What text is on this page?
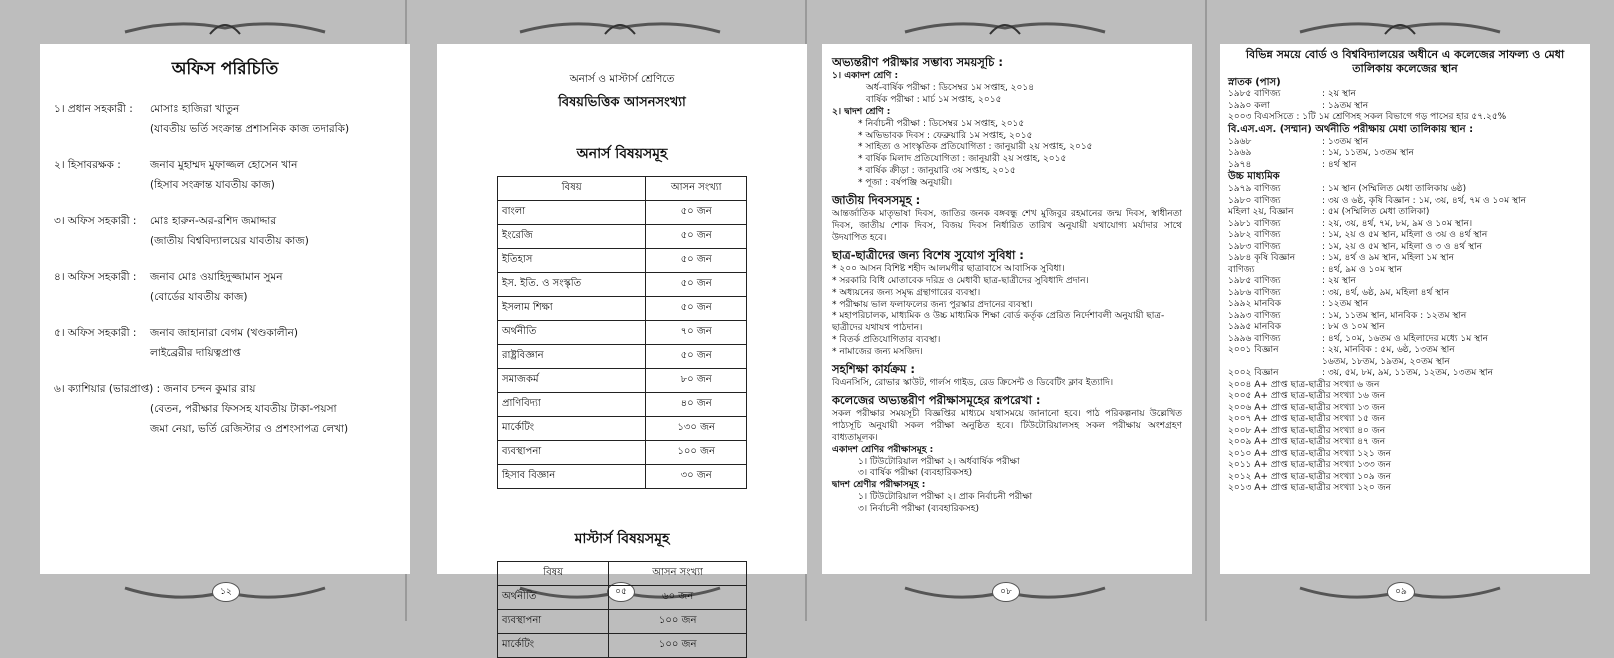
১২	০৫	০৮	০৯
অফিস পরিচিতি
১। প্রধান সহকারী :	মোসাঃ হাজিরা খাতুন
(যাবতীয় ভর্তি সংক্রান্ত প্রশাসনিক কাজ তদারকি)
২। হিসাবরক্ষক :	জনাব মুহাম্মদ মুফাজ্জল হোসেন খান
(হিসাব সংক্রান্ত যাবতীয় কাজ)
৩। অফিস সহকারী :	মোঃ হারুন-অর-রশিদ জমাদ্দার
(জাতীয় বিশ্ববিদ্যালয়ের যাবতীয় কাজ)
৪। অফিস সহকারী :	জনাব মোঃ ওয়াহিদুজ্জামান সুমন
(বোর্ডের যাবতীয় কাজ)
৫। অফিস সহকারী :	জনাব জাহানারা বেগম (খণ্ডকালীন)
লাইব্রেরীর দায়িত্বপ্রাপ্ত
৬। ক্যাশিয়ার (ভারপ্রাপ্ত) : জনাব চন্দন কুমার রায়
(বেতন, পরীক্ষার ফিসসহ যাবতীয় টাকা-পয়সা
জমা নেয়া, ভর্তি রেজিস্টার ও প্রশংসাপত্র লেখা)
অনার্স ও মাস্টার্স শ্রেণিতে
বিষয়ভিত্তিক আসনসংখ্যা
অনার্স বিষয়সমূহ
বিষয়	আসন সংখ্যা
বাংলা	৫০ জন
ইংরেজি	৫০ জন
ইতিহাস	৫০ জন
ইস. ইতি. ও সংস্কৃতি	৫০ জন
ইসলাম শিক্ষা	৫০ জন
অর্থনীতি	৭০ জন
রাষ্ট্রবিজ্ঞান	৫০ জন
সমাজকর্ম	৮০ জন
প্রাণিবিদ্যা	৪০ জন
মার্কেটিং	১৩০ জন
ব্যবস্থাপনা	১০০ জন
হিসাব বিজ্ঞান	৩০ জন
মাস্টার্স বিষয়সমূহ
বিষয়	আসন সংখ্যা
অর্থনীতি	৬০ জন
ব্যবস্থাপনা	১০০ জন
মার্কেটিং	১০০ জন
অভ্যন্তরীণ পরীক্ষার সম্ভাব্য সময়সূচি :
১। একাদশ শ্রেণি :
অর্ধ-বার্ষিক পরীক্ষা : ডিসেম্বর ১ম সপ্তাহ, ২০১৪
বার্ষিক পরীক্ষা : মার্চ ১ম সপ্তাহ, ২০১৫
২। দ্বাদশ শ্রেণি :
* নির্বাচনী পরীক্ষা : ডিসেম্বর ১ম সপ্তাহ, ২০১৫
* অভিভাবক দিবস : ফেব্রুয়ারি ১ম সপ্তাহ, ২০১৫
* সাহিত্য ও সাংস্কৃতিক প্রতিযোগিতা : জানুয়ারী ২য় সপ্তাহ, ২০১৫
* বার্ষিক মিলাদ প্রতিযোগিতা : জানুয়ারী ২য় সপ্তাহ, ২০১৫
* বার্ষিক ক্রীড়া : জানুয়ারি ৩য় সপ্তাহ, ২০১৫
* পূজা : বর্ষপঞ্জি অনুযায়ী।
জাতীয় দিবসসমূহ :
আন্তর্জাতিক মাতৃভাষা দিবস, জাতির জনক বঙ্গবন্ধু শেখ মুজিবুর রহমানের জন্ম দিবস, স্বাধীনতা দিবস, জাতীয় শোক দিবস, বিজয় দিবস নির্ধারিত তারিখ অনুযায়ী যথাযোগ্য মর্যাদার সাথে উদযাপিত হবে।
ছাত্র-ছাত্রীদের জন্য বিশেষ সুযোগ সুবিধা :
* ২০০ আসন বিশিষ্ট শহীদ আলমগীর ছাত্রাবাসে আবাসিক সুবিধা।
* সরকারি বিধি মোতাবেক দরিদ্র ও মেধাবী ছাত্র-ছাত্রীদের সুবিধাদি প্রদান।
* অধ্যয়নের জন্য সমৃদ্ধ গ্রন্থাগারের ব্যবস্থা।
* পরীক্ষায় ভাল ফলাফলের জন্য পুরস্কার প্রদানের ব্যবস্থা।
* মহাপরিচালক, মাধ্যমিক ও উচ্চ মাধ্যমিক শিক্ষা বোর্ড কর্তৃক প্রেরিত নির্দেশাবলী অনুযায়ী ছাত্র-ছাত্রীদের যথাযথ পাঠদান।
* বিতর্ক প্রতিযোগিতার ব্যবস্থা।
* নামাজের জন্য মসজিদ।
সহশিক্ষা কার্যক্রম :
বিএনসিসি, রোভার স্কাউট, গার্লস গাইড, রেড ক্রিসেন্ট ও ডিবেটিং ক্লাব ইত্যাদি।
কলেজের অভ্যন্তরীণ পরীক্ষাসমূহের রূপরেখা :
সকল পরীক্ষার সময়সূচী বিজ্ঞপ্তির মাধ্যমে যথাসময়ে জানানো হবে। পাঠ পরিকল্পনায় উল্লেখিত পাঠ্যসূচি অনুযায়ী সকল পরীক্ষা অনুষ্ঠিত হবে। টিউটোরিয়ালসহ সকল পরীক্ষায় অংশগ্রহণ বাধ্যতামূলক।
একাদশ শ্রেণির পরীক্ষাসমূহ :
১। টিউটোরিয়াল পরীক্ষা ২। অর্ধবার্ষিক পরীক্ষা
৩। বার্ষিক পরীক্ষা (ব্যবহারিকসহ)
দ্বাদশ শ্রেণীর পরীক্ষাসমূহ :
১। টিউটোরিয়াল পরীক্ষা ২। প্রাক নির্বাচনী পরীক্ষা
৩। নির্বাচনী পরীক্ষা (ব্যবহারিকসহ)
বিভিন্ন সময়ে বোর্ড ও বিশ্ববিদ্যালয়ের অধীনে এ কলেজের সাফল্য ও মেধা তালিকায় কলেজের স্থান
স্নাতক (পাস)
১৯৮৫ বাণিজ্য	: ২য় স্থান
১৯৯০ কলা	: ১৯তম স্থান
২০০৩ বিএসসিতে : ১টি ১ম শ্রেণিসহ সকল বিভাগে গড় পাসের হার ৫৭.২৫%
বি.এস.এস. (সম্মান) অর্থনীতি পরীক্ষায় মেধা তালিকায় স্থান :
১৯৬৮	: ১৩তম স্থান
১৯৬৯	: ১ম, ১১তম, ১৩তম স্থান
১৯৭৪	: ৪র্থ স্থান
উচ্চ মাধ্যমিক
১৯৭৯ বাণিজ্য	: ১ম স্থান (সম্মিলিত মেধা তালিকায় ৬ষ্ঠ)
১৯৮০ বাণিজ্য	: ৩য় ও ৬ষ্ঠ, কৃষি বিজ্ঞান : ১ম, ৩য়, ৪র্থ, ৭ম ও ১০ম স্থান
মহিলা ২য়, বিজ্ঞান	: ৫ম (সম্মিলিত মেধা তালিকা)
১৯৮১ বাণিজ্য	: ২য়, ৩য়, ৪র্থ, ৭ম, ৮ম, ৯ম ও ১০ম স্থান।
১৯৮২ বাণিজ্য	: ১ম, ২য় ও ৫ম স্থান, মহিলা ও ৩য় ও ৪র্থ স্থান
১৯৮৩ বাণিজ্য	: ১ম, ২য় ও ৫ম স্থান, মহিলা ও ৩ ও ৪র্থ স্থান
১৯৮৪ কৃষি বিজ্ঞান	: ১ম, ৪র্থ ও ৯ম স্থান, মহিলা ১ম স্থান
বাণিজ্য	: ৪র্থ, ৯ম ও ১০ম স্থান
১৯৮৫ বাণিজ্য	: ২য় স্থান
১৯৮৬ বাণিজ্য	: ৩য়, ৪র্থ, ৬ষ্ঠ, ৯ম, মহিলা ৪র্থ স্থান
১৯৯২ মানবিক	: ১২তম স্থান
১৯৯৩ বাণিজ্য	: ১ম, ১১তম স্থান, মানবিক : ১২তম স্থান
১৯৯৫ মানবিক	: ৮ম ও ১০ম স্থান
১৯৯৬ বাণিজ্য	: ৪র্থ, ১০ম, ১৬তম ও মহিলাদের মধ্যে ১ম স্থান
২০০১ বিজ্ঞান	: ২য়, মানবিক : ৫ম, ৬ষ্ঠ, ১৩তম স্থান
১৬তম, ১৮তম, ১৯তম, ২০তম স্থান
২০০২ বিজ্ঞান	: ৩য়, ৫ম, ৮ম, ৯ম, ১১তম, ১২তম, ১৩তম স্থান
২০০৪ A+ প্রাপ্ত ছাত্র-ছাত্রীর সংখ্যা ৬ জন
২০০৫ A+ প্রাপ্ত ছাত্র-ছাত্রীর সংখ্যা ১৬ জন
২০০৬ A+ প্রাপ্ত ছাত্র-ছাত্রীর সংখ্যা ১৩ জন
২০০৭ A+ প্রাপ্ত ছাত্র-ছাত্রীর সংখ্যা ১৫ জন
২০০৮ A+ প্রাপ্ত ছাত্র-ছাত্রীর সংখ্যা ৪০ জন
২০০৯ A+ প্রাপ্ত ছাত্র-ছাত্রীর সংখ্যা ৪৭ জন
২০১০ A+ প্রাপ্ত ছাত্র-ছাত্রীর সংখ্যা ১২১ জন
২০১১ A+ প্রাপ্ত ছাত্র-ছাত্রীর সংখ্যা ১৩৩ জন
২০১২ A+ প্রাপ্ত ছাত্র-ছাত্রীর সংখ্যা ১০৯ জন
২০১৩ A+ প্রাপ্ত ছাত্র-ছাত্রীর সংখ্যা ১২০ জন
